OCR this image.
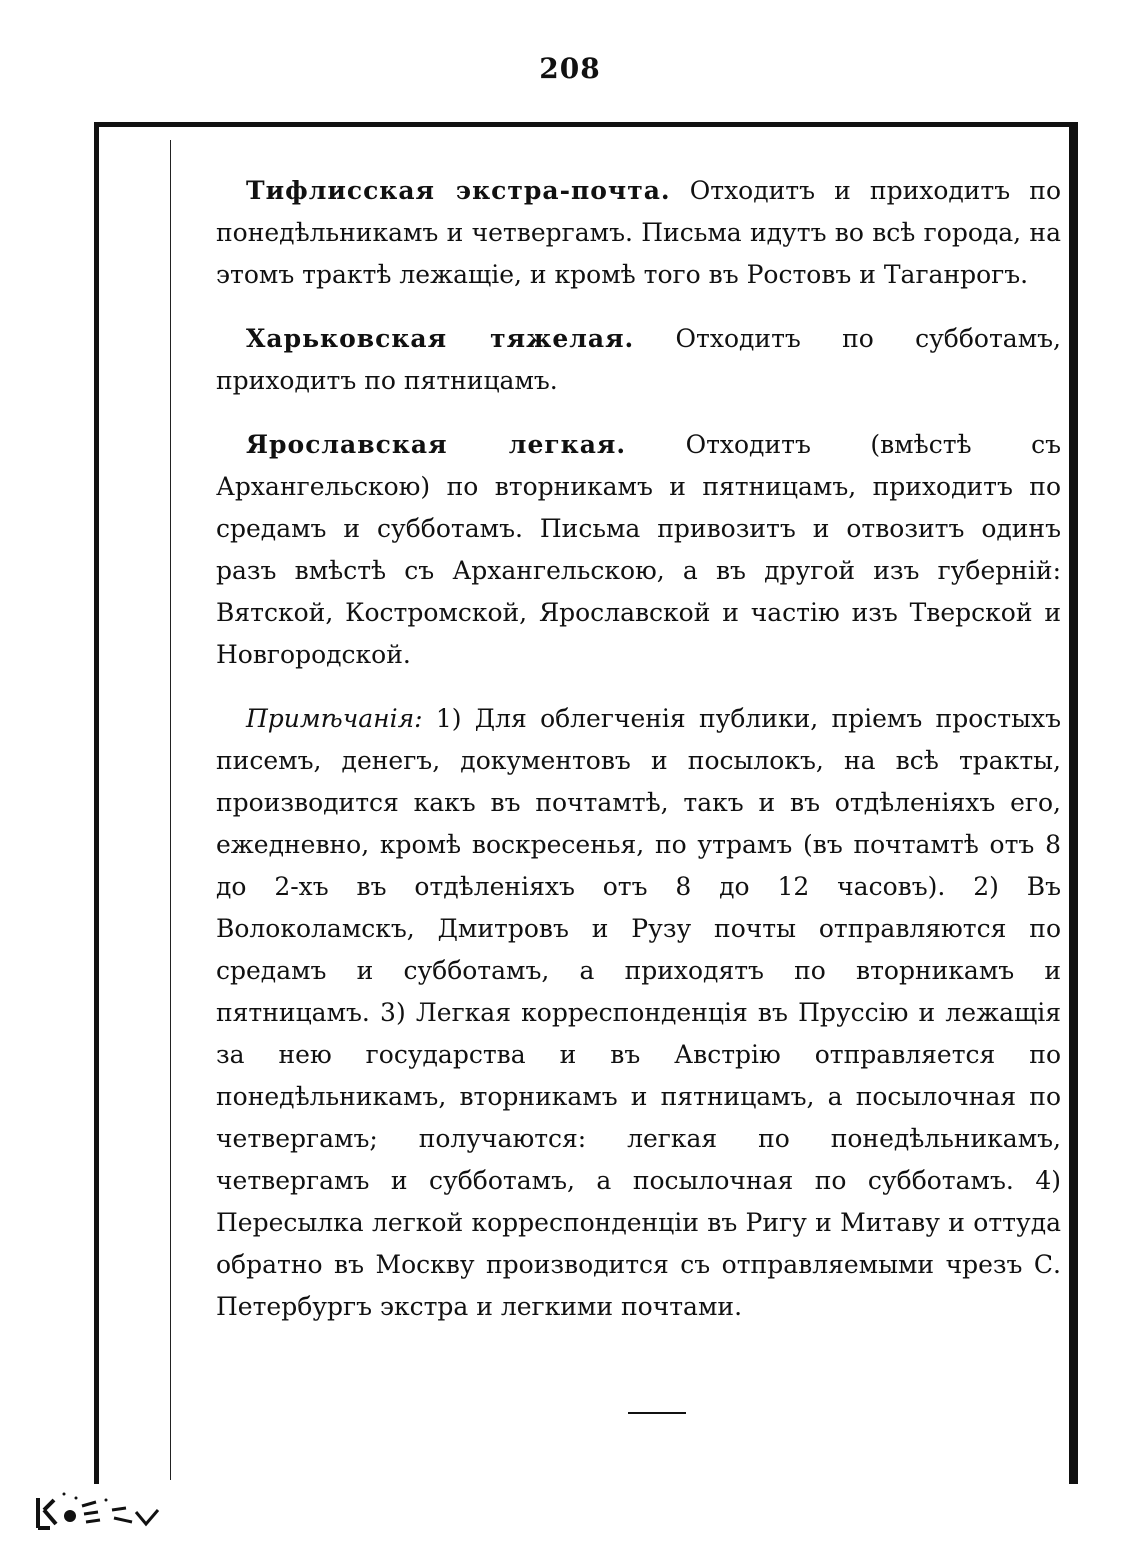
208

Тифлисская экстра-почта. Отходитъ и приходитъ по понедѣльникамъ и четвергамъ. Письма идутъ во всѣ города, на этомъ трактѣ лежащіе, и кромѣ того въ Ростовъ и Таганрогъ.

Харьковская тяжелая. Отходитъ по субботамъ, приходитъ по пятницамъ.

Ярославская легкая. Отходитъ (вмѣстѣ съ Архангельскою) по вторникамъ и пятницамъ, приходитъ по средамъ и субботамъ. Письма привозитъ и отвозитъ одинъ разъ вмѣстѣ съ Архангельскою, а въ другой изъ губерній: Вятской, Костромской, Ярославской и частію изъ Тверской и Новгородской.

Примѣчанія: 1) Для облегченія публики, пріемъ простыхъ писемъ, денегъ, документовъ и посылокъ, на всѣ тракты, производится какъ въ почтамтѣ, такъ и въ отдѣленіяхъ его, ежедневно, кромѣ воскресенья, по утрамъ (въ почтамтѣ отъ 8 до 2-хъ въ отдѣленіяхъ отъ 8 до 12 часовъ). 2) Въ Волоколамскъ, Дмитровъ и Рузу почты отправляются по средамъ и субботамъ, а приходятъ по вторникамъ и пятницамъ. 3) Легкая корреспонденція въ Пруссію и лежащія за нею государства и въ Австрію отправляется по понедѣльникамъ, вторникамъ и пятницамъ, а посылочная по четвергамъ; получаются: легкая по понедѣльникамъ, четвергамъ и субботамъ, а посылочная по субботамъ. 4) Пересылка легкой корреспонденціи въ Ригу и Митаву и оттуда обратно въ Москву производится съ отправляемыми чрезъ С. Петербургъ экстра и легкими почтами.
